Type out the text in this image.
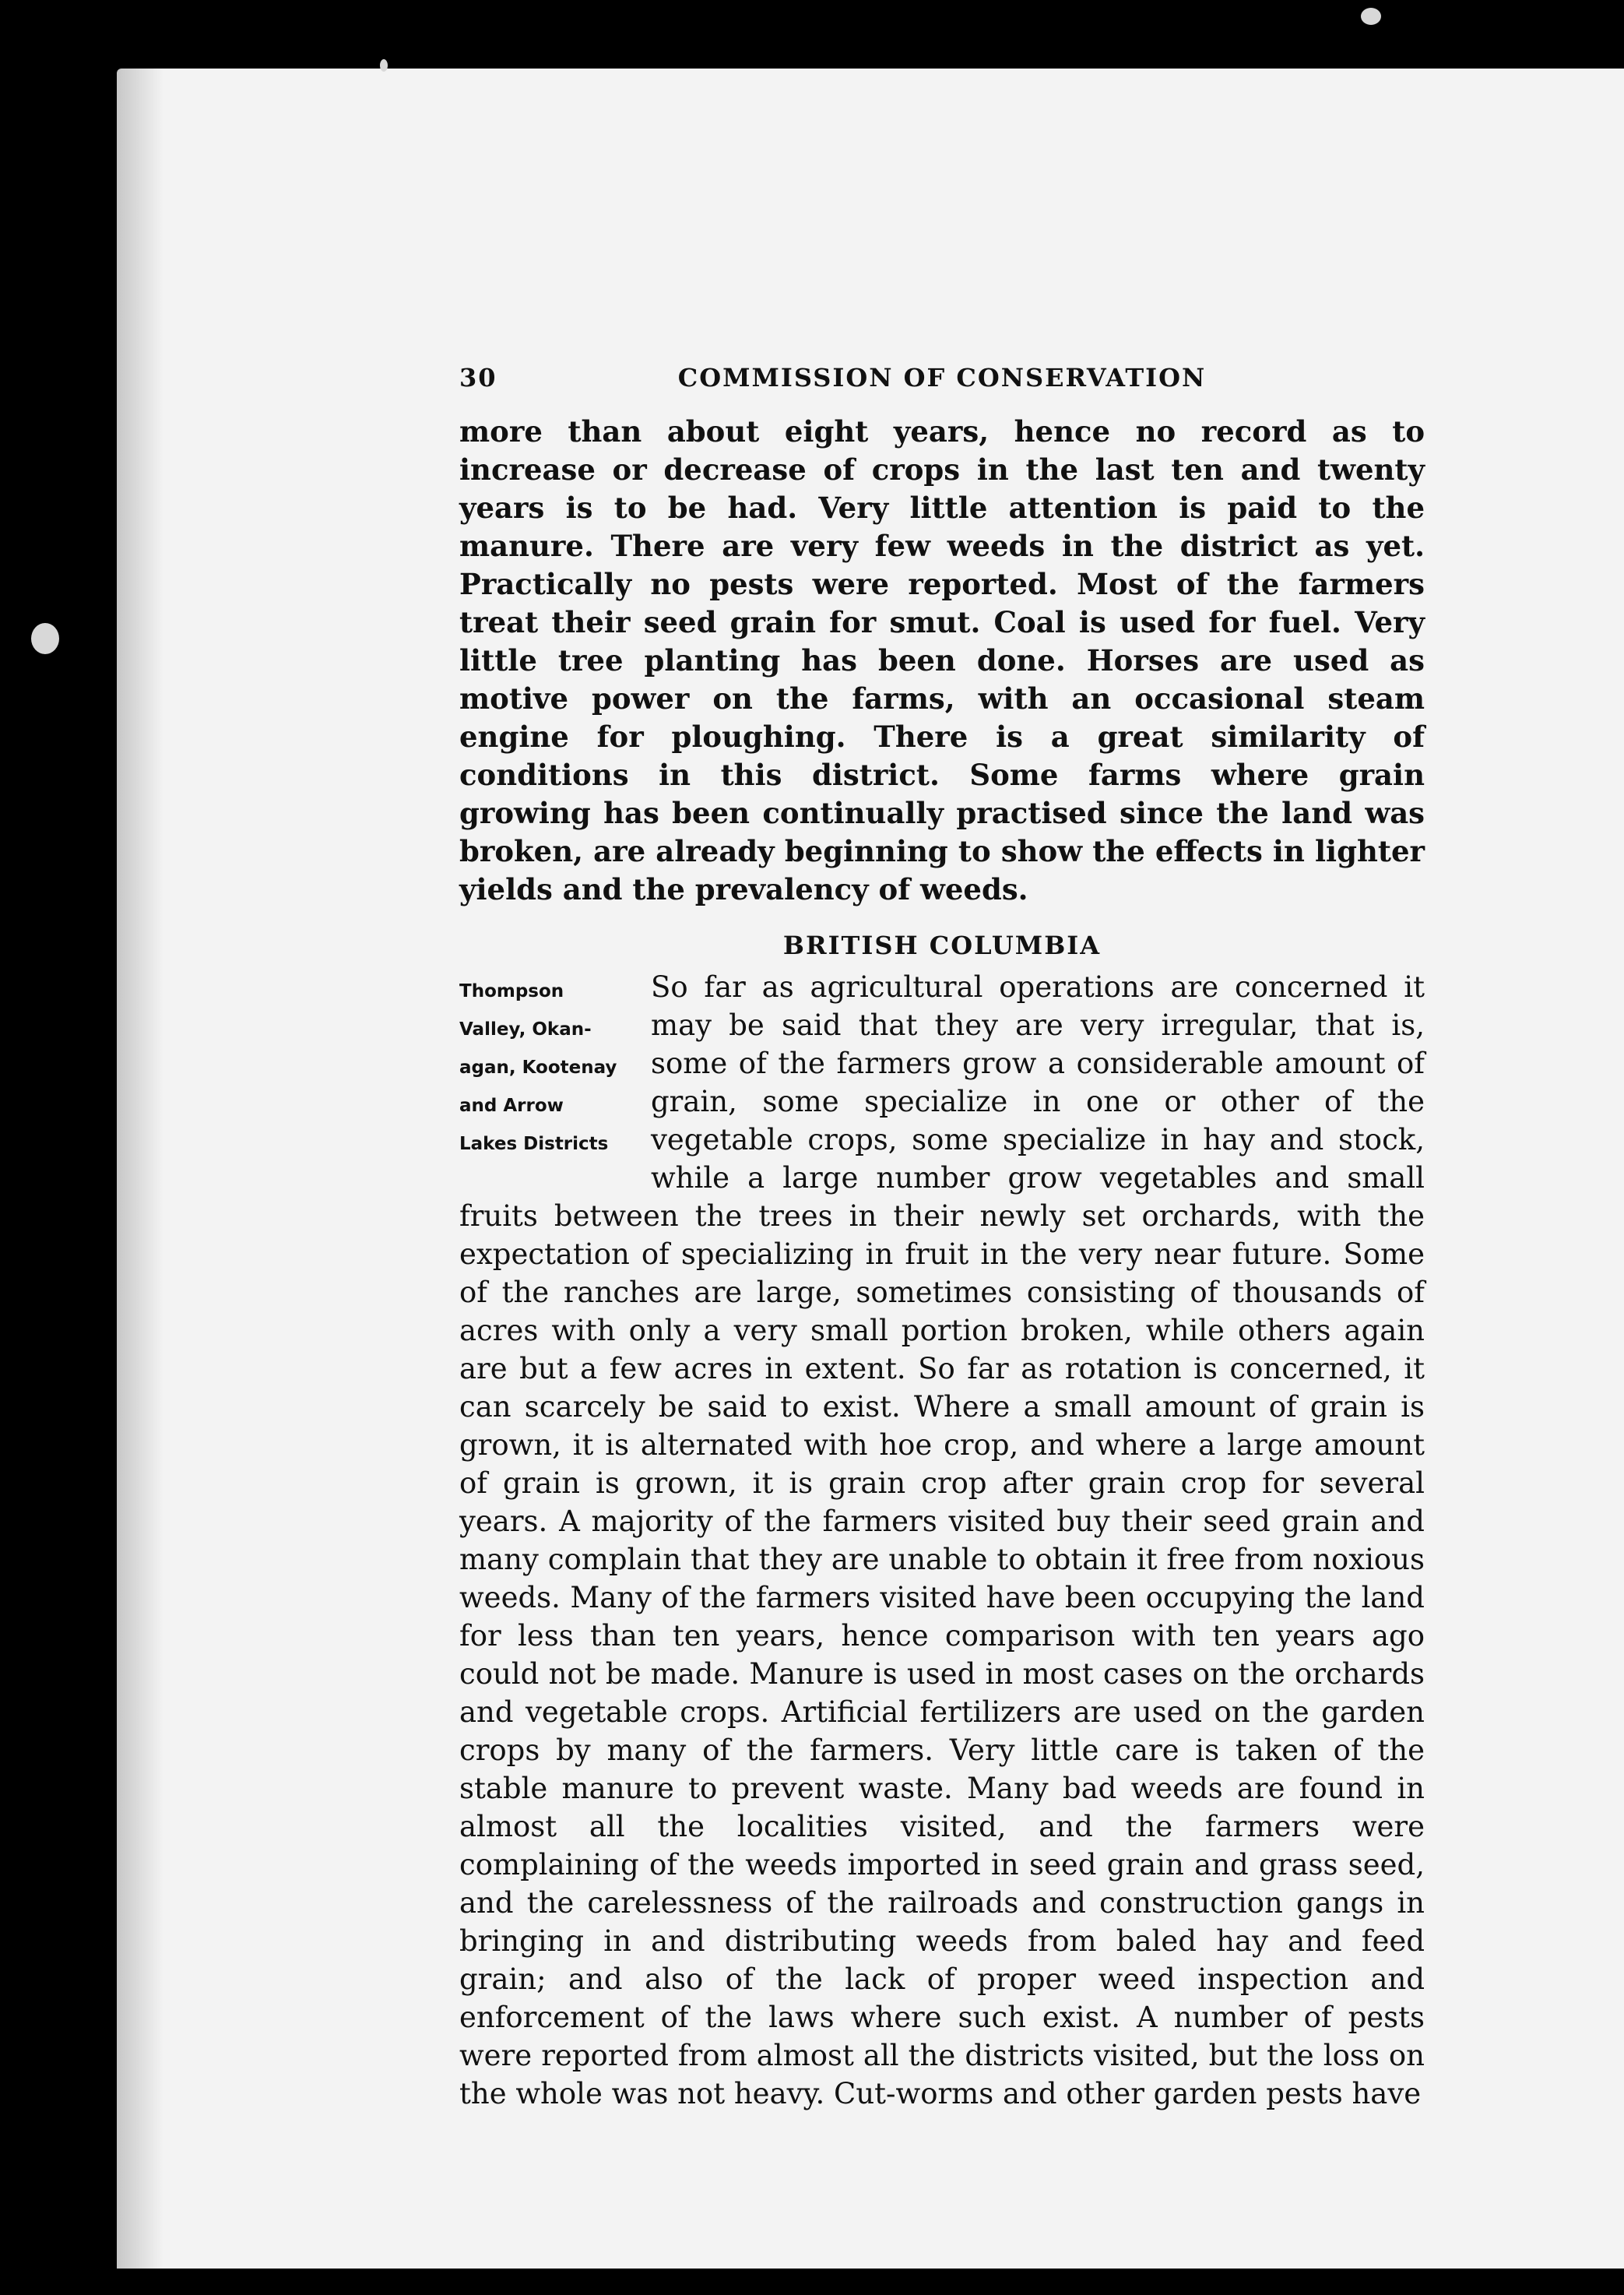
30	COMMISSION OF CONSERVATION

more than about eight years, hence no record as to increase or decrease of crops in the last ten and twenty years is to be had. Very little attention is paid to the manure. There are very few weeds in the district as yet. Practically no pests were reported. Most of the farmers treat their seed grain for smut. Coal is used for fuel. Very little tree planting has been done. Horses are used as motive power on the farms, with an occasional steam engine for ploughing. There is a great similarity of conditions in this district. Some farms where grain growing has been continually practised since the land was broken, are already beginning to show the effects in lighter yields and the prevalency of weeds.

BRITISH COLUMBIA
Thompson
Valley, Okan-
agan, Kootenay
and Arrow
Lakes Districts

So far as agricultural operations are concerned it may be said that they are very irregular, that is, some of the farmers grow a considerable amount of grain, some specialize in one or other of the vegetable crops, some specialize in hay and stock, while a large number grow vegetables and small fruits between the trees in their newly set orchards, with the expectation of specializing in fruit in the very near future. Some of the ranches are large, sometimes consisting of thousands of acres with only a very small portion broken, while others again are but a few acres in extent. So far as rotation is concerned, it can scarcely be said to exist. Where a small amount of grain is grown, it is alternated with hoe crop, and where a large amount of grain is grown, it is grain crop after grain crop for several years. A majority of the farmers visited buy their seed grain and many complain that they are unable to obtain it free from noxious weeds. Many of the farmers visited have been occupying the land for less than ten years, hence comparison with ten years ago could not be made. Manure is used in most cases on the orchards and vegetable crops. Artificial fertilizers are used on the garden crops by many of the farmers. Very little care is taken of the stable manure to prevent waste. Many bad weeds are found in almost all the localities visited, and the farmers were complaining of the weeds imported in seed grain and grass seed, and the carelessness of the railroads and construction gangs in bringing in and distributing weeds from baled hay and feed grain; and also of the lack of proper weed inspection and enforcement of the laws where such exist. A number of pests were reported from almost all the districts visited, but the loss on the whole was not heavy. Cut-worms and other garden pests have
